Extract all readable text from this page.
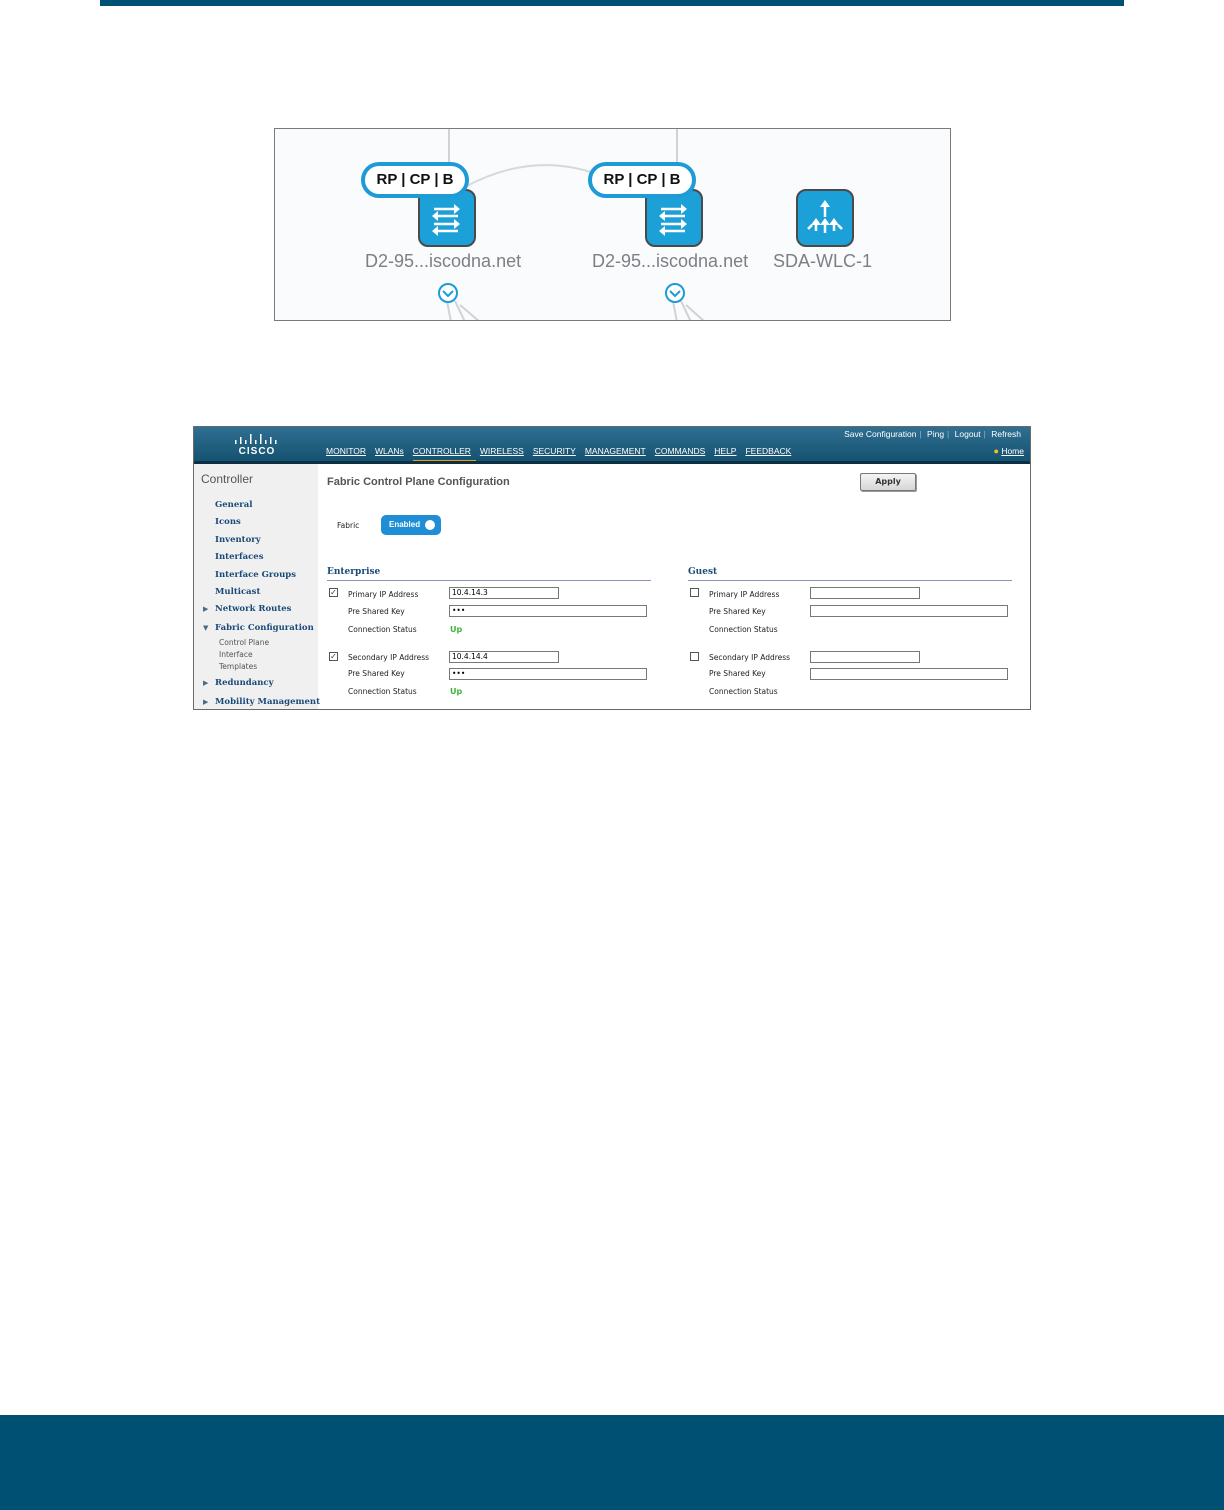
RP | CP | B
D2-95...iscodna.net
RP | CP | B
D2-95...iscodna.net SDA-WLC-1
CISCO
Save Configuration | Ping | Logout | Refresh
MONITOR WLANs CONTROLLER WIRELESS SECURITY MANAGEMENT COMMANDS HELP FEEDBACK	● Home
Controller
General
Icons
Inventory
Interfaces
Interface Groups
Multicast
▶ Network Routes
▼ Fabric Configuration
Control Plane
Interface
Templates
▶ Redundancy
▶ Mobility Management
Fabric Control Plane Configuration	Apply
Fabric	Enabled
Enterprise
✓ Primary IP Address	10.4.14.3
Pre Shared Key	•••
Connection Status	Up
✓ Secondary IP Address	10.4.14.4
Pre Shared Key	•••
Connection Status	Up
Guest
Primary IP Address
Pre Shared Key
Connection Status
Secondary IP Address
Pre Shared Key
Connection Status
